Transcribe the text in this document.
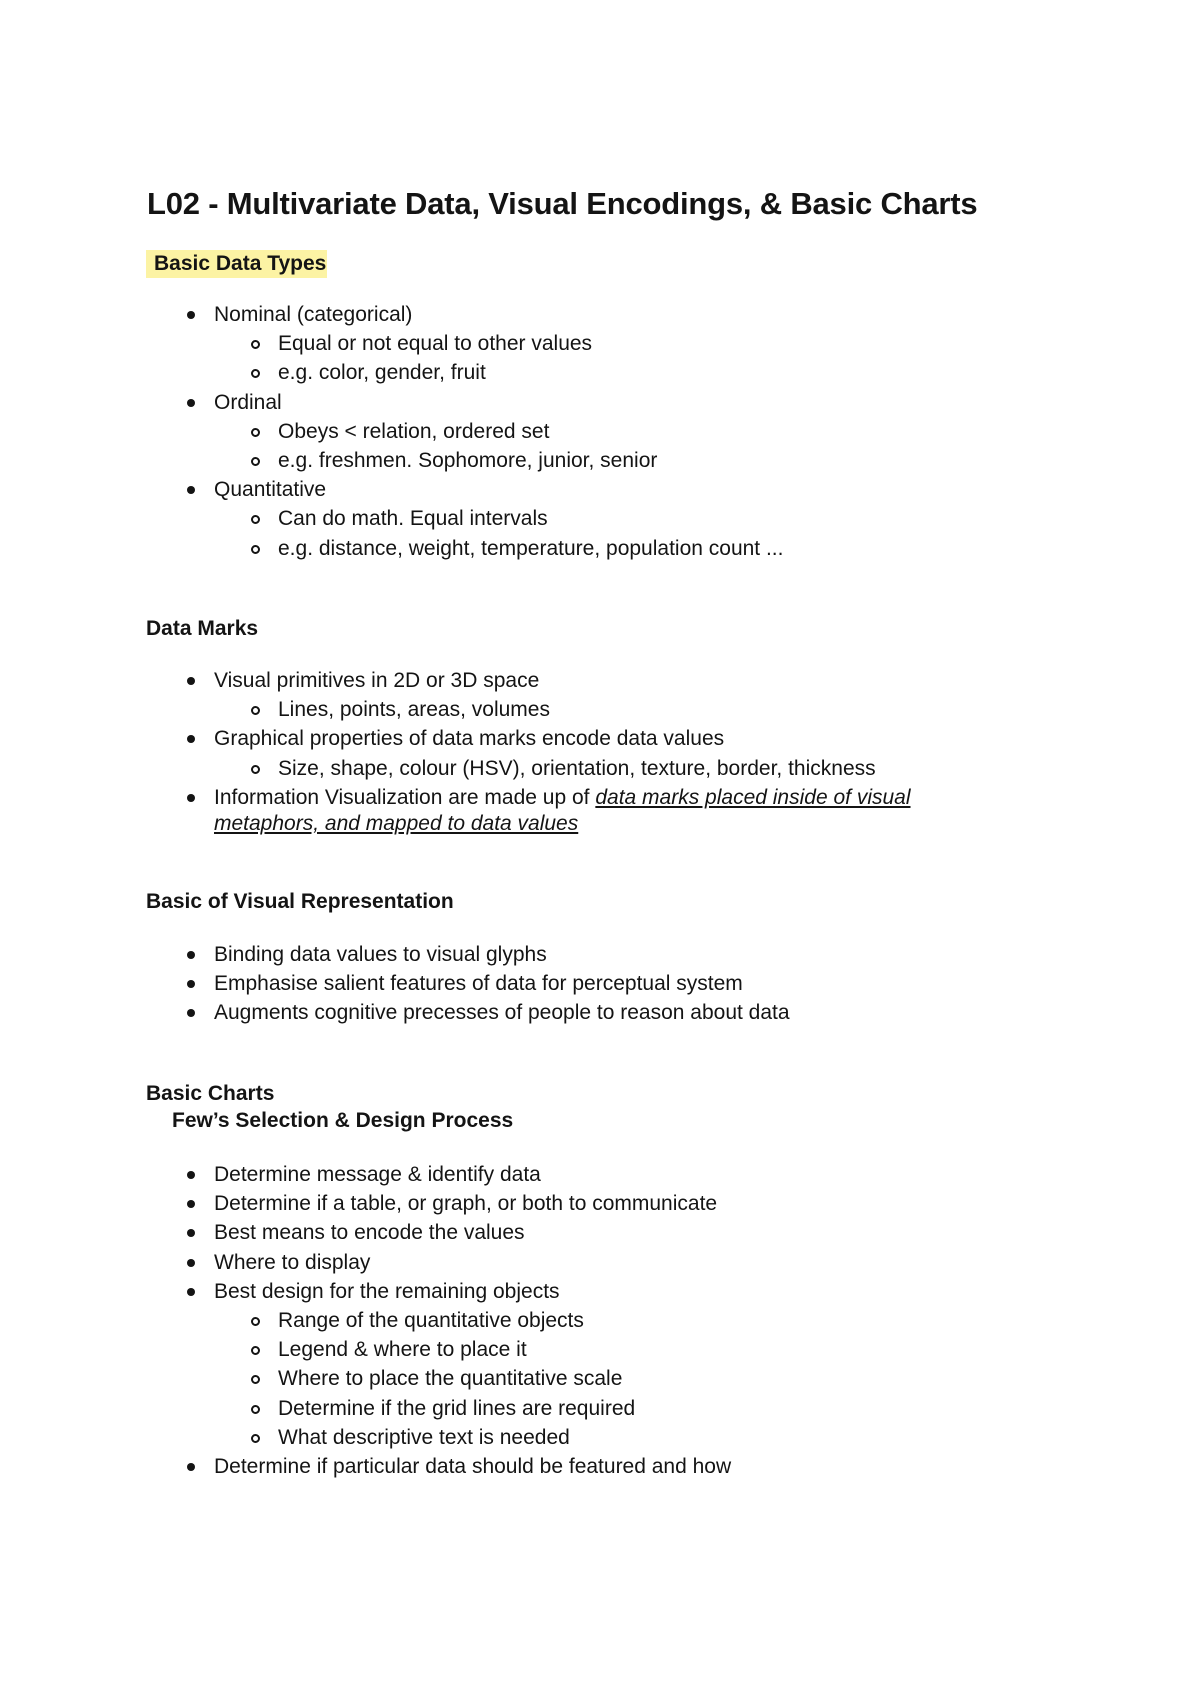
L02 - Multivariate Data, Visual Encodings, & Basic Charts
Basic Data Types
Nominal (categorical)
Equal or not equal to other values
e.g. color, gender, fruit
Ordinal
Obeys < relation, ordered set
e.g. freshmen. Sophomore, junior, senior
Quantitative
Can do math. Equal intervals
e.g. distance, weight, temperature, population count ...
Data Marks
Visual primitives in 2D or 3D space
Lines, points, areas, volumes
Graphical properties of data marks encode data values
Size, shape, colour (HSV), orientation, texture, border, thickness
Information Visualization are made up of data marks placed inside of visual
metaphors, and mapped to data values
Basic of Visual Representation
Binding data values to visual glyphs
Emphasise salient features of data for perceptual system
Augments cognitive precesses of people to reason about data
Basic Charts
Few’s Selection & Design Process
Determine message & identify data
Determine if a table, or graph, or both to communicate
Best means to encode the values
Where to display
Best design for the remaining objects
Range of the quantitative objects
Legend & where to place it
Where to place the quantitative scale
Determine if the grid lines are required
What descriptive text is needed
Determine if particular data should be featured and how
